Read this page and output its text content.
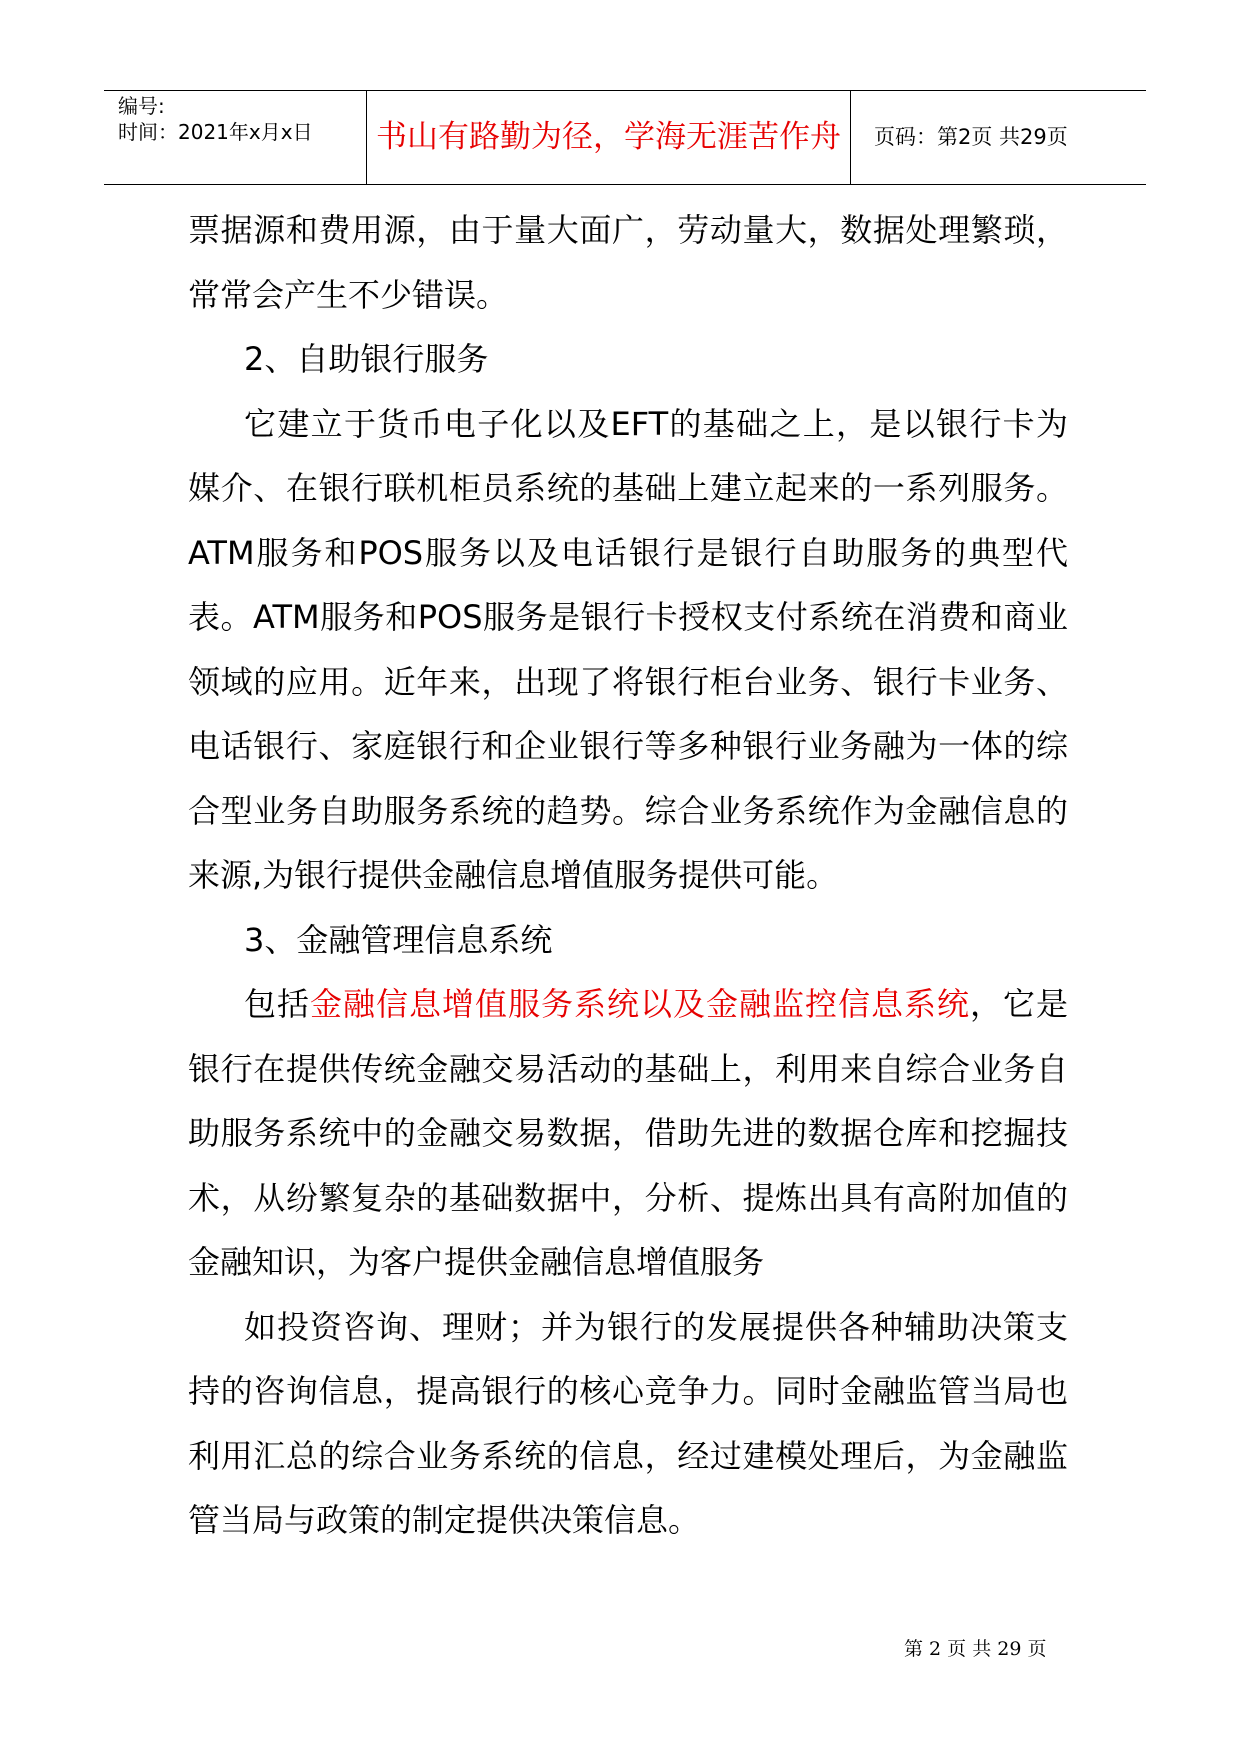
编号:
时间：2021年x月x日 书山有路勤为径，学海无涯苦作舟	页码：第2页 共29页

票据源和费用源，由于量大面广，劳动量大，数据处理繁琐，常常会产生不少错误。

2、自助银行服务

它建立于货币电子化以及EFT的基础之上，是以银行卡为媒介、在银行联机柜员系统的基础上建立起来的一系列服务。ATM服务和POS服务以及电话银行是银行自助服务的典型代表。ATM服务和POS服务是银行卡授权支付系统在消费和商业领域的应用。近年来，出现了将银行柜台业务、银行卡业务、电话银行、家庭银行和企业银行等多种银行业务融为一体的综合型业务自助服务系统的趋势。综合业务系统作为金融信息的来源,为银行提供金融信息增值服务提供可能。

3、金融管理信息系统

包括金融信息增值服务系统以及金融监控信息系统，它是银行在提供传统金融交易活动的基础上，利用来自综合业务自助服务系统中的金融交易数据，借助先进的数据仓库和挖掘技术，从纷繁复杂的基础数据中，分析、提炼出具有高附加值的金融知识，为客户提供金融信息增值服务

如投资咨询、理财；并为银行的发展提供各种辅助决策支持的咨询信息，提高银行的核心竞争力。同时金融监管当局也利用汇总的综合业务系统的信息，经过建模处理后，为金融监管当局与政策的制定提供决策信息。

第 2 页 共 29 页
